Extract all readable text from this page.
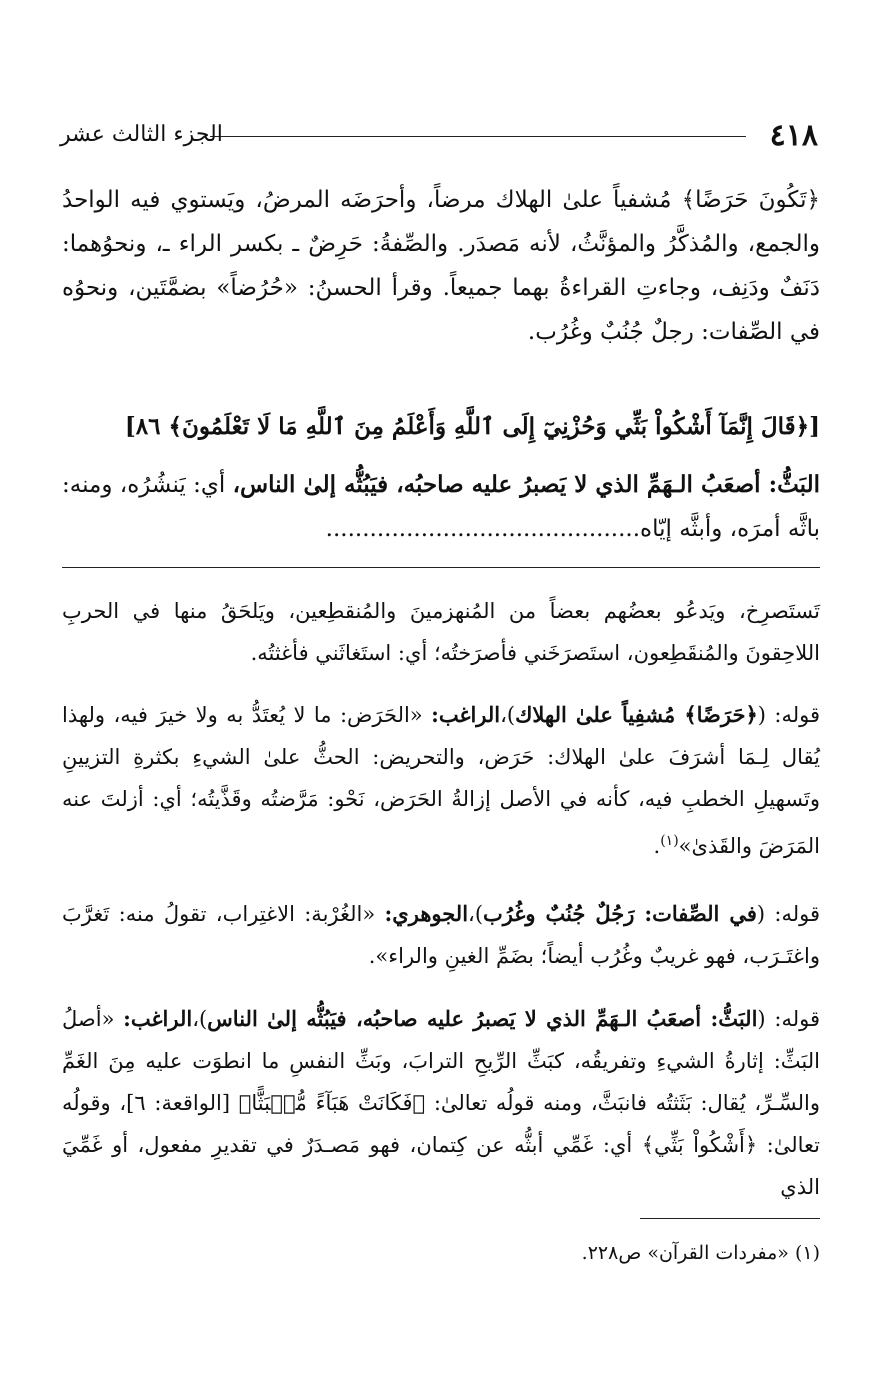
٤١٨
الجزء الثالث عشر

﴿تَكُونَ حَرَضًا﴾ مُشفياً علىٰ الهلاك مرضاً، وأحرَضَه المرضُ، ويَستوي فيه الواحدُ والجمع، والمُذكَّرُ والمؤنَّثُ، لأنه مَصدَر. والصِّفةُ: حَرِضٌ ـ بكسر الراء ـ، ونحوُهما: دَنَفٌ ودَنِف، وجاءتِ القراءةُ بهما جميعاً. وقرأ الحسنُ: «حُرُضاً» بضمَّتَين، ونحوُه في الصِّفات: رجلٌ جُنُبٌ وغُرُب.

[﴿قَالَ إِنَّمَآ أَشْكُواْ بَثِّي وَحُزْنِيٓ إِلَى ٱللَّهِ وَأَعْلَمُ مِنَ ٱللَّهِ مَا لَا تَعْلَمُونَ﴾ ٨٦]

البَثُّ: أصعَبُ الـهَمِّ الذي لا يَصبرُ عليه صاحبُه، فيَبُثُّه إلىٰ الناس، أي: يَنشُرُه، ومنه: باثَّه أمرَه، وأبثَّه إيّاه...........................................

تَستَصرِخ، ويَدعُو بعضُهم بعضاً من المُنهزمينَ والمُنقطِعين، ويَلحَقُ منها في الحربِ اللاحِقونَ والمُنقَطِعون، استَصرَخَني فأصرَختُه؛ أي: استَغاثَني فأغثتُه.

قوله: (﴿حَرَضًا﴾ مُشفِياً علىٰ الهلاك)،الراغب: «الحَرَض: ما لا يُعتَدُّ به ولا خيرَ فيه، ولهذا يُقال لِـمَا أشرَفَ علىٰ الهلاك: حَرَض، والتحريض: الحثُّ علىٰ الشيءِ بكثرةِ التزيينِ وتَسهيلِ الخطبِ فيه، كأنه في الأصل إزالةُ الحَرَض، نَحْو: مَرَّضتُه وقَذَّيتُه؛ أي: أزلتَ عنه المَرَضَ والقَذىٰ»$^{(١)}$.

قوله: (في الصِّفات: رَجُلٌ جُنُبٌ وغُرُب)،الجوهري: «الغُرْبة: الاغتِراب، تقولُ منه: تَغرَّبَ واغتَـرَب، فهو غريبٌ وغُرُب أيضاً؛ بضَمِّ الغينِ والراء».

قوله: (البَثُّ: أصعَبُ الـهَمِّ الذي لا يَصبرُ عليه صاحبُه، فيَبُثُّه إلىٰ الناس)،الراغب: «أصلُ البَثِّ: إثارةُ الشيءِ وتفريقُه، كبَثِّ الرِّيحِ الترابَ، وبَثِّ النفسِ ما انطوَت عليه مِنَ الغَمِّ والسِّـرِّ، يُقال: بَثَثتُه فانبَثَّ، ومنه قولُه تعالىٰ: ﴿فَكَانَتْ هَبَآءً مُّنۢبَثًّا﴾ [الواقعة: ٦]، وقولُه تعالىٰ: ﴿أَشْكُواْ بَثِّي﴾ أي: غَمِّي أبثُّه عن كِتمان، فهو مَصـدَرٌ في تقديرِ مفعول، أو غَمِّيَ الذي

(١) «مفردات القرآن» ص٢٢٨.
